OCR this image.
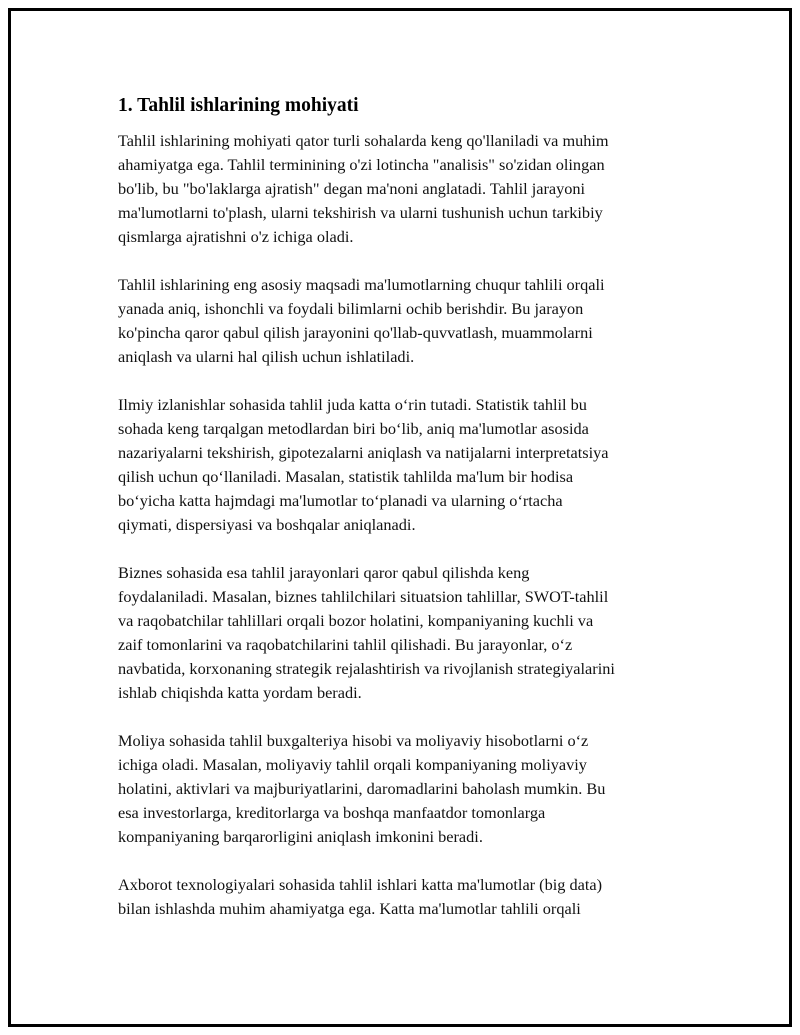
1. Tahlil ishlarining mohiyati

Tahlil ishlarining mohiyati qator turli sohalarda keng qo'llaniladi va muhim
ahamiyatga ega. Tahlil terminining o'zi lotincha "analisis" so'zidan olingan
bo'lib, bu "bo'laklarga ajratish" degan ma'noni anglatadi. Tahlil jarayoni
ma'lumotlarni to'plash, ularni tekshirish va ularni tushunish uchun tarkibiy
qismlarga ajratishni o'z ichiga oladi.

Tahlil ishlarining eng asosiy maqsadi ma'lumotlarning chuqur tahlili orqali
yanada aniq, ishonchli va foydali bilimlarni ochib berishdir. Bu jarayon
ko'pincha qaror qabul qilish jarayonini qo'llab-quvvatlash, muammolarni
aniqlash va ularni hal qilish uchun ishlatiladi.

Ilmiy izlanishlar sohasida tahlil juda katta o‘rin tutadi. Statistik tahlil bu
sohada keng tarqalgan metodlardan biri bo‘lib, aniq ma'lumotlar asosida
nazariyalarni tekshirish, gipotezalarni aniqlash va natijalarni interpretatsiya
qilish uchun qo‘llaniladi. Masalan, statistik tahlilda ma'lum bir hodisa
bo‘yicha katta hajmdagi ma'lumotlar to‘planadi va ularning o‘rtacha
qiymati, dispersiyasi va boshqalar aniqlanadi.

Biznes sohasida esa tahlil jarayonlari qaror qabul qilishda keng
foydalaniladi. Masalan, biznes tahlilchilari situatsion tahlillar, SWOT-tahlil
va raqobatchilar tahlillari orqali bozor holatini, kompaniyaning kuchli va
zaif tomonlarini va raqobatchilarini tahlil qilishadi. Bu jarayonlar, o‘z
navbatida, korxonaning strategik rejalashtirish va rivojlanish strategiyalarini
ishlab chiqishda katta yordam beradi.

Moliya sohasida tahlil buxgalteriya hisobi va moliyaviy hisobotlarni o‘z
ichiga oladi. Masalan, moliyaviy tahlil orqali kompaniyaning moliyaviy
holatini, aktivlari va majburiyatlarini, daromadlarini baholash mumkin. Bu
esa investorlarga, kreditorlarga va boshqa manfaatdor tomonlarga
kompaniyaning barqarorligini aniqlash imkonini beradi.

Axborot texnologiyalari sohasida tahlil ishlari katta ma'lumotlar (big data)
bilan ishlashda muhim ahamiyatga ega. Katta ma'lumotlar tahlili orqali
